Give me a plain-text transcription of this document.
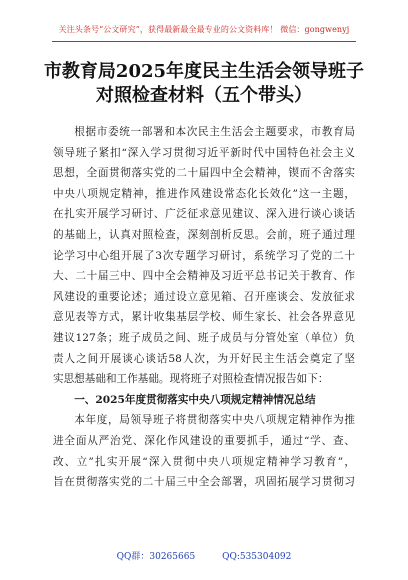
关注头条号“公文研究”，获得最新最全最专业的公文资料库！ 微信：gongwenyj
市教育局2025年度民主生活会领导班子
对照检查材料（五个带头）
根据市委统一部署和本次民主生活会主题要求，市教育局
领导班子紧扣“深入学习贯彻习近平新时代中国特色社会主义
思想，全面贯彻落实党的二十届四中全会精神，锲而不舍落实
中央八项规定精神，推进作风建设常态化长效化”这一主题，
在扎实开展学习研讨、广泛征求意见建议、深入进行谈心谈话
的基础上，认真对照检查，深刻剖析反思。会前，班子通过理
论学习中心组开展了3次专题学习研讨，系统学习了党的二十
大、二十届三中、四中全会精神及习近平总书记关于教育、作
风建设的重要论述；通过设立意见箱、召开座谈会、发放征求
意见表等方式，累计收集基层学校、师生家长、社会各界意见
建议127条；班子成员之间、班子成员与分管处室（单位）负
责人之间开展谈心谈话58人次，为开好民主生活会奠定了坚
实思想基础和工作基础。现将班子对照检查情况报告如下：
一、2025年度贯彻落实中央八项规定精神情况总结
本年度，局领导班子将贯彻落实中央八项规定精神作为推
进全面从严治党、深化作风建设的重要抓手，通过“学、查、
改、立”扎实开展“深入贯彻中央八项规定精神学习教育”，
旨在贯彻落实党的二十届三中全会部署，巩固拓展学习贯彻习
QQ群：30265665	QQ:535304092
